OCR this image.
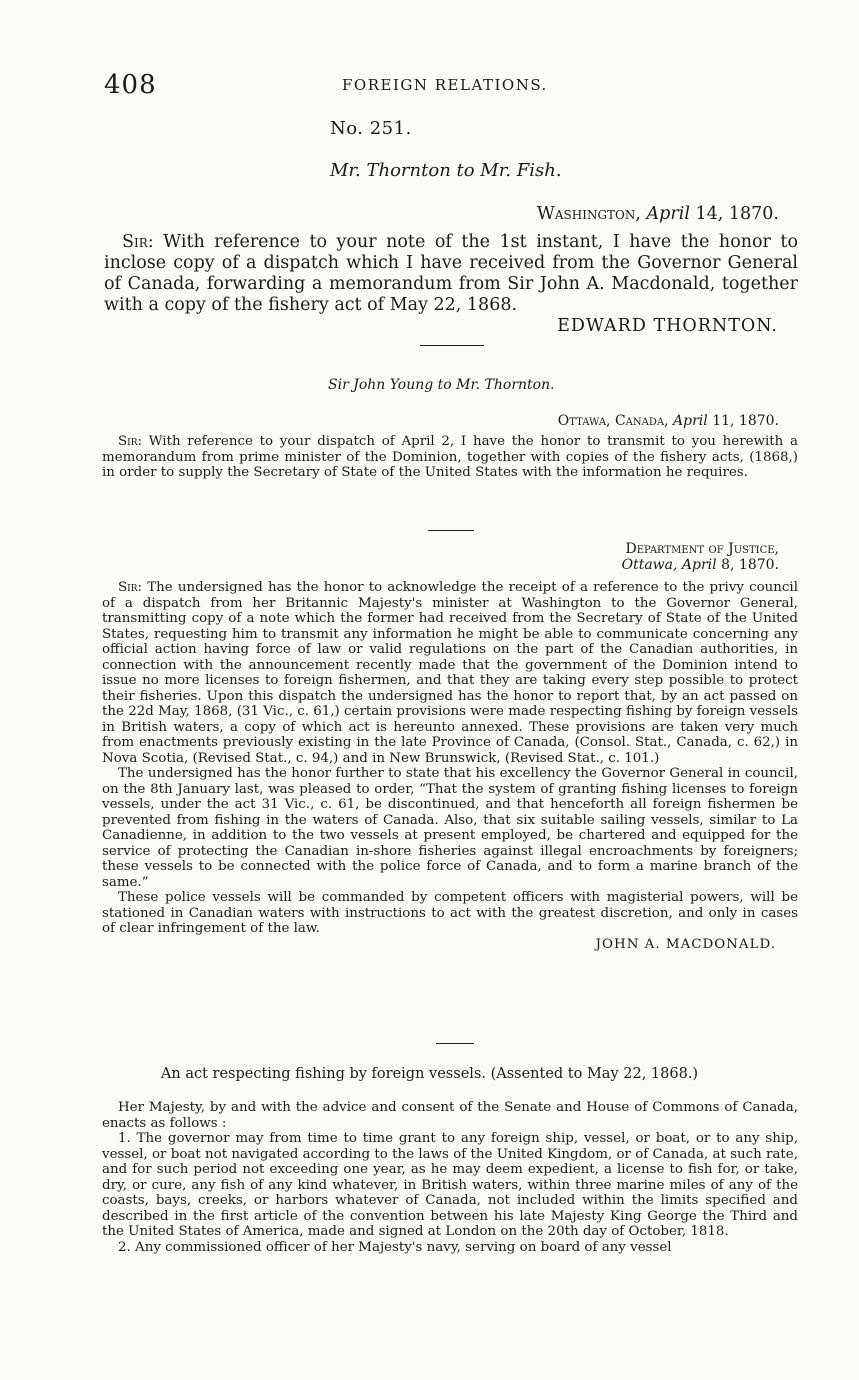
408	FOREIGN RELATIONS.
No. 251.
Mr. Thornton to Mr. Fish.
Washington, April 14, 1870.

Sir: With reference to your note of the 1st instant, I have the honor to inclose copy of a dispatch which I have received from the Governor General of Canada, forwarding a memorandum from Sir John A. Macdonald, together with a copy of the fishery act of May 22, 1868.

EDWARD THORNTON.
Sir John Young to Mr. Thornton.
Ottawa, Canada, April 11, 1870.

Sir: With reference to your dispatch of April 2, I have the honor to transmit to you herewith a memorandum from prime minister of the Dominion, together with copies of the fishery acts, (1868,) in order to supply the Secretary of State of the United States with the information he requires.

Department of Justice,
Ottawa, April 8, 1870.

Sir: The undersigned has the honor to acknowledge the receipt of a reference to the privy council of a dispatch from her Britannic Majesty's minister at Washington to the Governor General, transmitting copy of a note which the former had received from the Secretary of State of the United States, requesting him to transmit any information he might be able to communicate concerning any official action having force of law or valid regulations on the part of the Canadian authorities, in connection with the announcement recently made that the government of the Dominion intend to issue no more licenses to foreign fishermen, and that they are taking every step possible to protect their fisheries. Upon this dispatch the undersigned has the honor to report that, by an act passed on the 22d May, 1868, (31 Vic., c. 61,) certain provisions were made respecting fishing by foreign vessels in British waters, a copy of which act is hereunto annexed. These provisions are taken very much from enactments previously existing in the late Province of Canada, (Consol. Stat., Canada, c. 62,) in Nova Scotia, (Revised Stat., c. 94,) and in New Brunswick, (Revised Stat., c. 101.)

The undersigned has the honor further to state that his excellency the Governor General in council, on the 8th January last, was pleased to order, “That the system of granting fishing licenses to foreign vessels, under the act 31 Vic., c. 61, be discontinued, and that henceforth all foreign fishermen be prevented from fishing in the waters of Canada. Also, that six suitable sailing vessels, similar to La Canadienne, in addition to the two vessels at present employed, be chartered and equipped for the service of protecting the Canadian in-shore fisheries against illegal encroachments by foreigners; these vessels to be connected with the police force of Canada, and to form a marine branch of the same.”

These police vessels will be commanded by competent officers with magisterial powers, will be stationed in Canadian waters with instructions to act with the greatest discretion, and only in cases of clear infringement of the law.

JOHN A. MACDONALD.
An act respecting fishing by foreign vessels. (Assented to May 22, 1868.)

Her Majesty, by and with the advice and consent of the Senate and House of Commons of Canada, enacts as follows :

1. The governor may from time to time grant to any foreign ship, vessel, or boat, or to any ship, vessel, or boat not navigated according to the laws of the United Kingdom, or of Canada, at such rate, and for such period not exceeding one year, as he may deem expedient, a license to fish for, or take, dry, or cure, any fish of any kind whatever, in British waters, within three marine miles of any of the coasts, bays, creeks, or harbors whatever of Canada, not included within the limits specified and described in the first article of the convention between his late Majesty King George the Third and the United States of America, made and signed at London on the 20th day of October, 1818.

2. Any commissioned officer of her Majesty's navy, serving on board of any vessel
